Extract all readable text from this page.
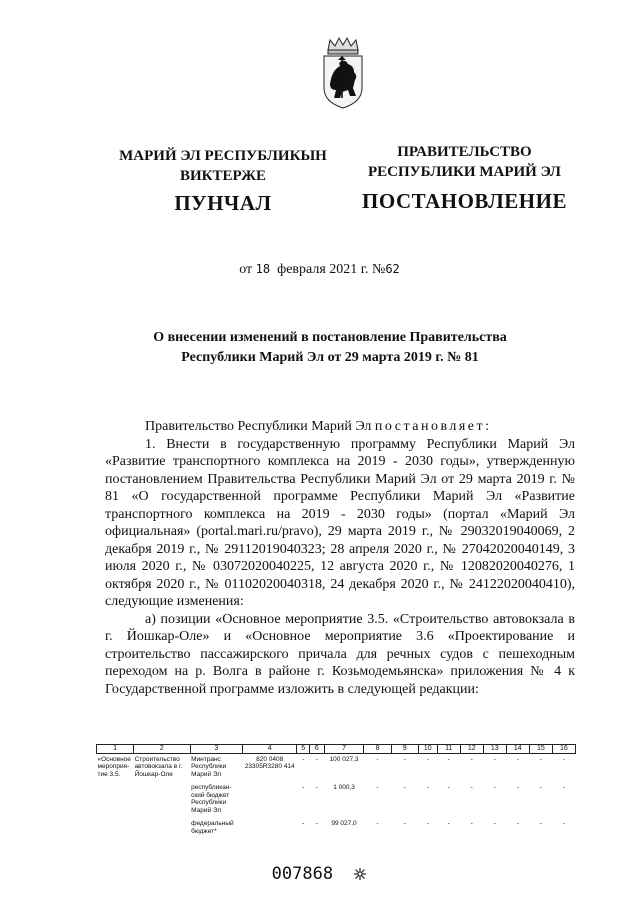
МАРИЙ ЭЛ РЕСПУБЛИКЫН
ВИКТЕРЖЕ
ПУНЧАЛ
ПРАВИТЕЛЬСТВО
РЕСПУБЛИКИ МАРИЙ ЭЛ
ПОСТАНОВЛЕНИЕ
от 18 февраля 2021 г. №62
О внесении изменений в постановление Правительства
Республики Марий Эл от 29 марта 2019 г. № 81

Правительство Республики Марий Эл постановляет:

1. Внести в государственную программу Республики Марий Эл «Развитие транспортного комплекса на 2019 - 2030 годы», утвержденную постановлением Правительства Республики Марий Эл от 29 марта 2019 г. № 81 «О государственной программе Республики Марий Эл «Развитие транспортного комплекса на 2019 - 2030 годы» (портал «Марий Эл официальная» (portal.mari.ru/pravo), 29 марта 2019 г., № 29032019040069, 2 декабря 2019 г., № 29112019040323; 28 апреля 2020 г., № 27042020040149, 3 июля 2020 г., № 03072020040225, 12 августа 2020 г., № 12082020040276, 1 октября 2020 г., № 01102020040318, 24 декабря 2020 г., № 24122020040410), следующие изменения:

а) позиции «Основное мероприятие 3.5. «Строительство автовокзала в г. Йошкар-Оле» и «Основное мероприятие 3.6 «Проектирование и строительство пассажирского причала для речных судов с пешеходным переходом на р. Волга в районе г. Козьмодемьянска» приложения № 4 к Государственной программе изложить в следующей редакции:

1	2	3	4	5	6	7	8	9	10	11	12	13	14	15	16
«Основное мероприя-тие 3.5.	Строительство автовокзала в г. Йошкар-Оле	Минтранс Республики Марий Эл	820 0408 23305R3280 414	-	-	100 027,3	-	-	-	-	-	-	-	-	-
		республикан-ский бюджет Республики Марий Эл		-	-	1 000,3	-	-	-	-	-	-	-	-	-
		федеральный бюджет*		-	-	99 027,0	-	-	-	-	-	-	-	-	-
007868
